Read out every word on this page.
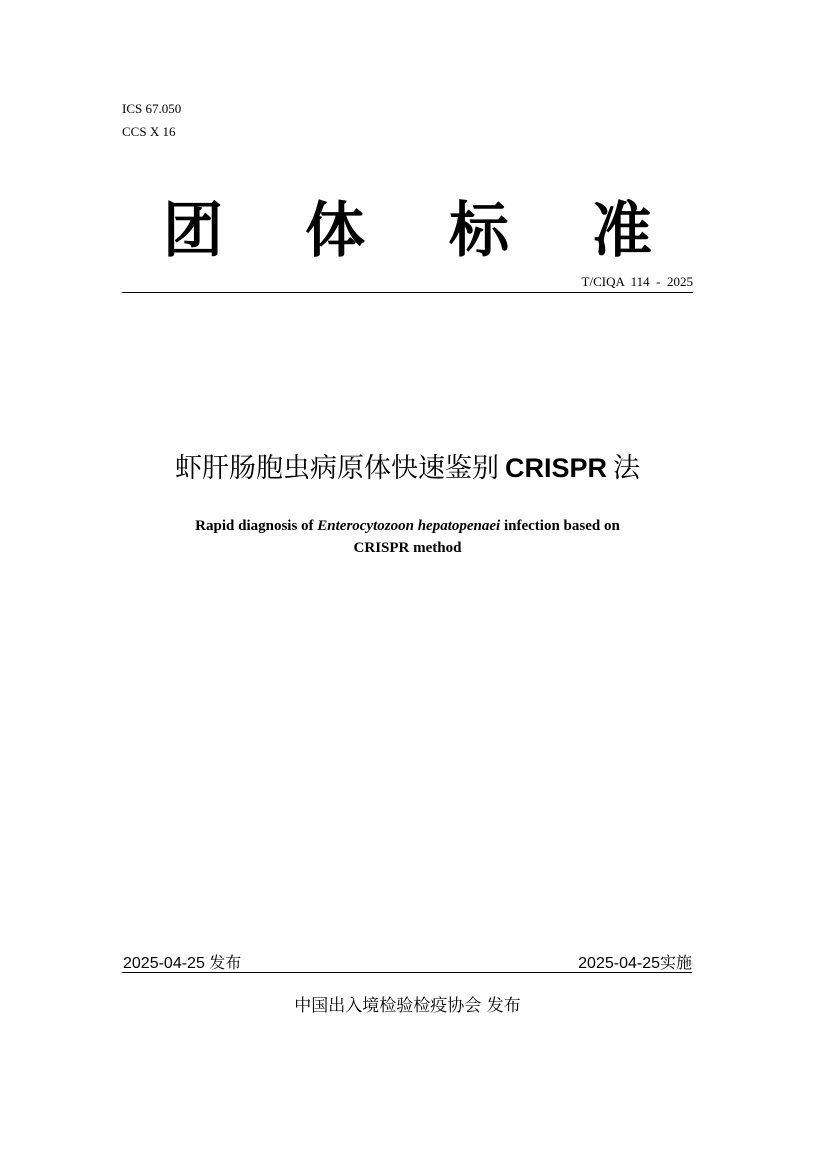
ICS 67.050
CCS X 16
团 体 标 准
T/CIQA  114  -  2025
虾肝肠胞虫病原体快速鉴别 CRISPR 法
Rapid diagnosis of Enterocytozoon hepatopenaei infection based on
CRISPR method
2025-04-25 发布	2025-04-25实施
中国出入境检验检疫协会 发布
